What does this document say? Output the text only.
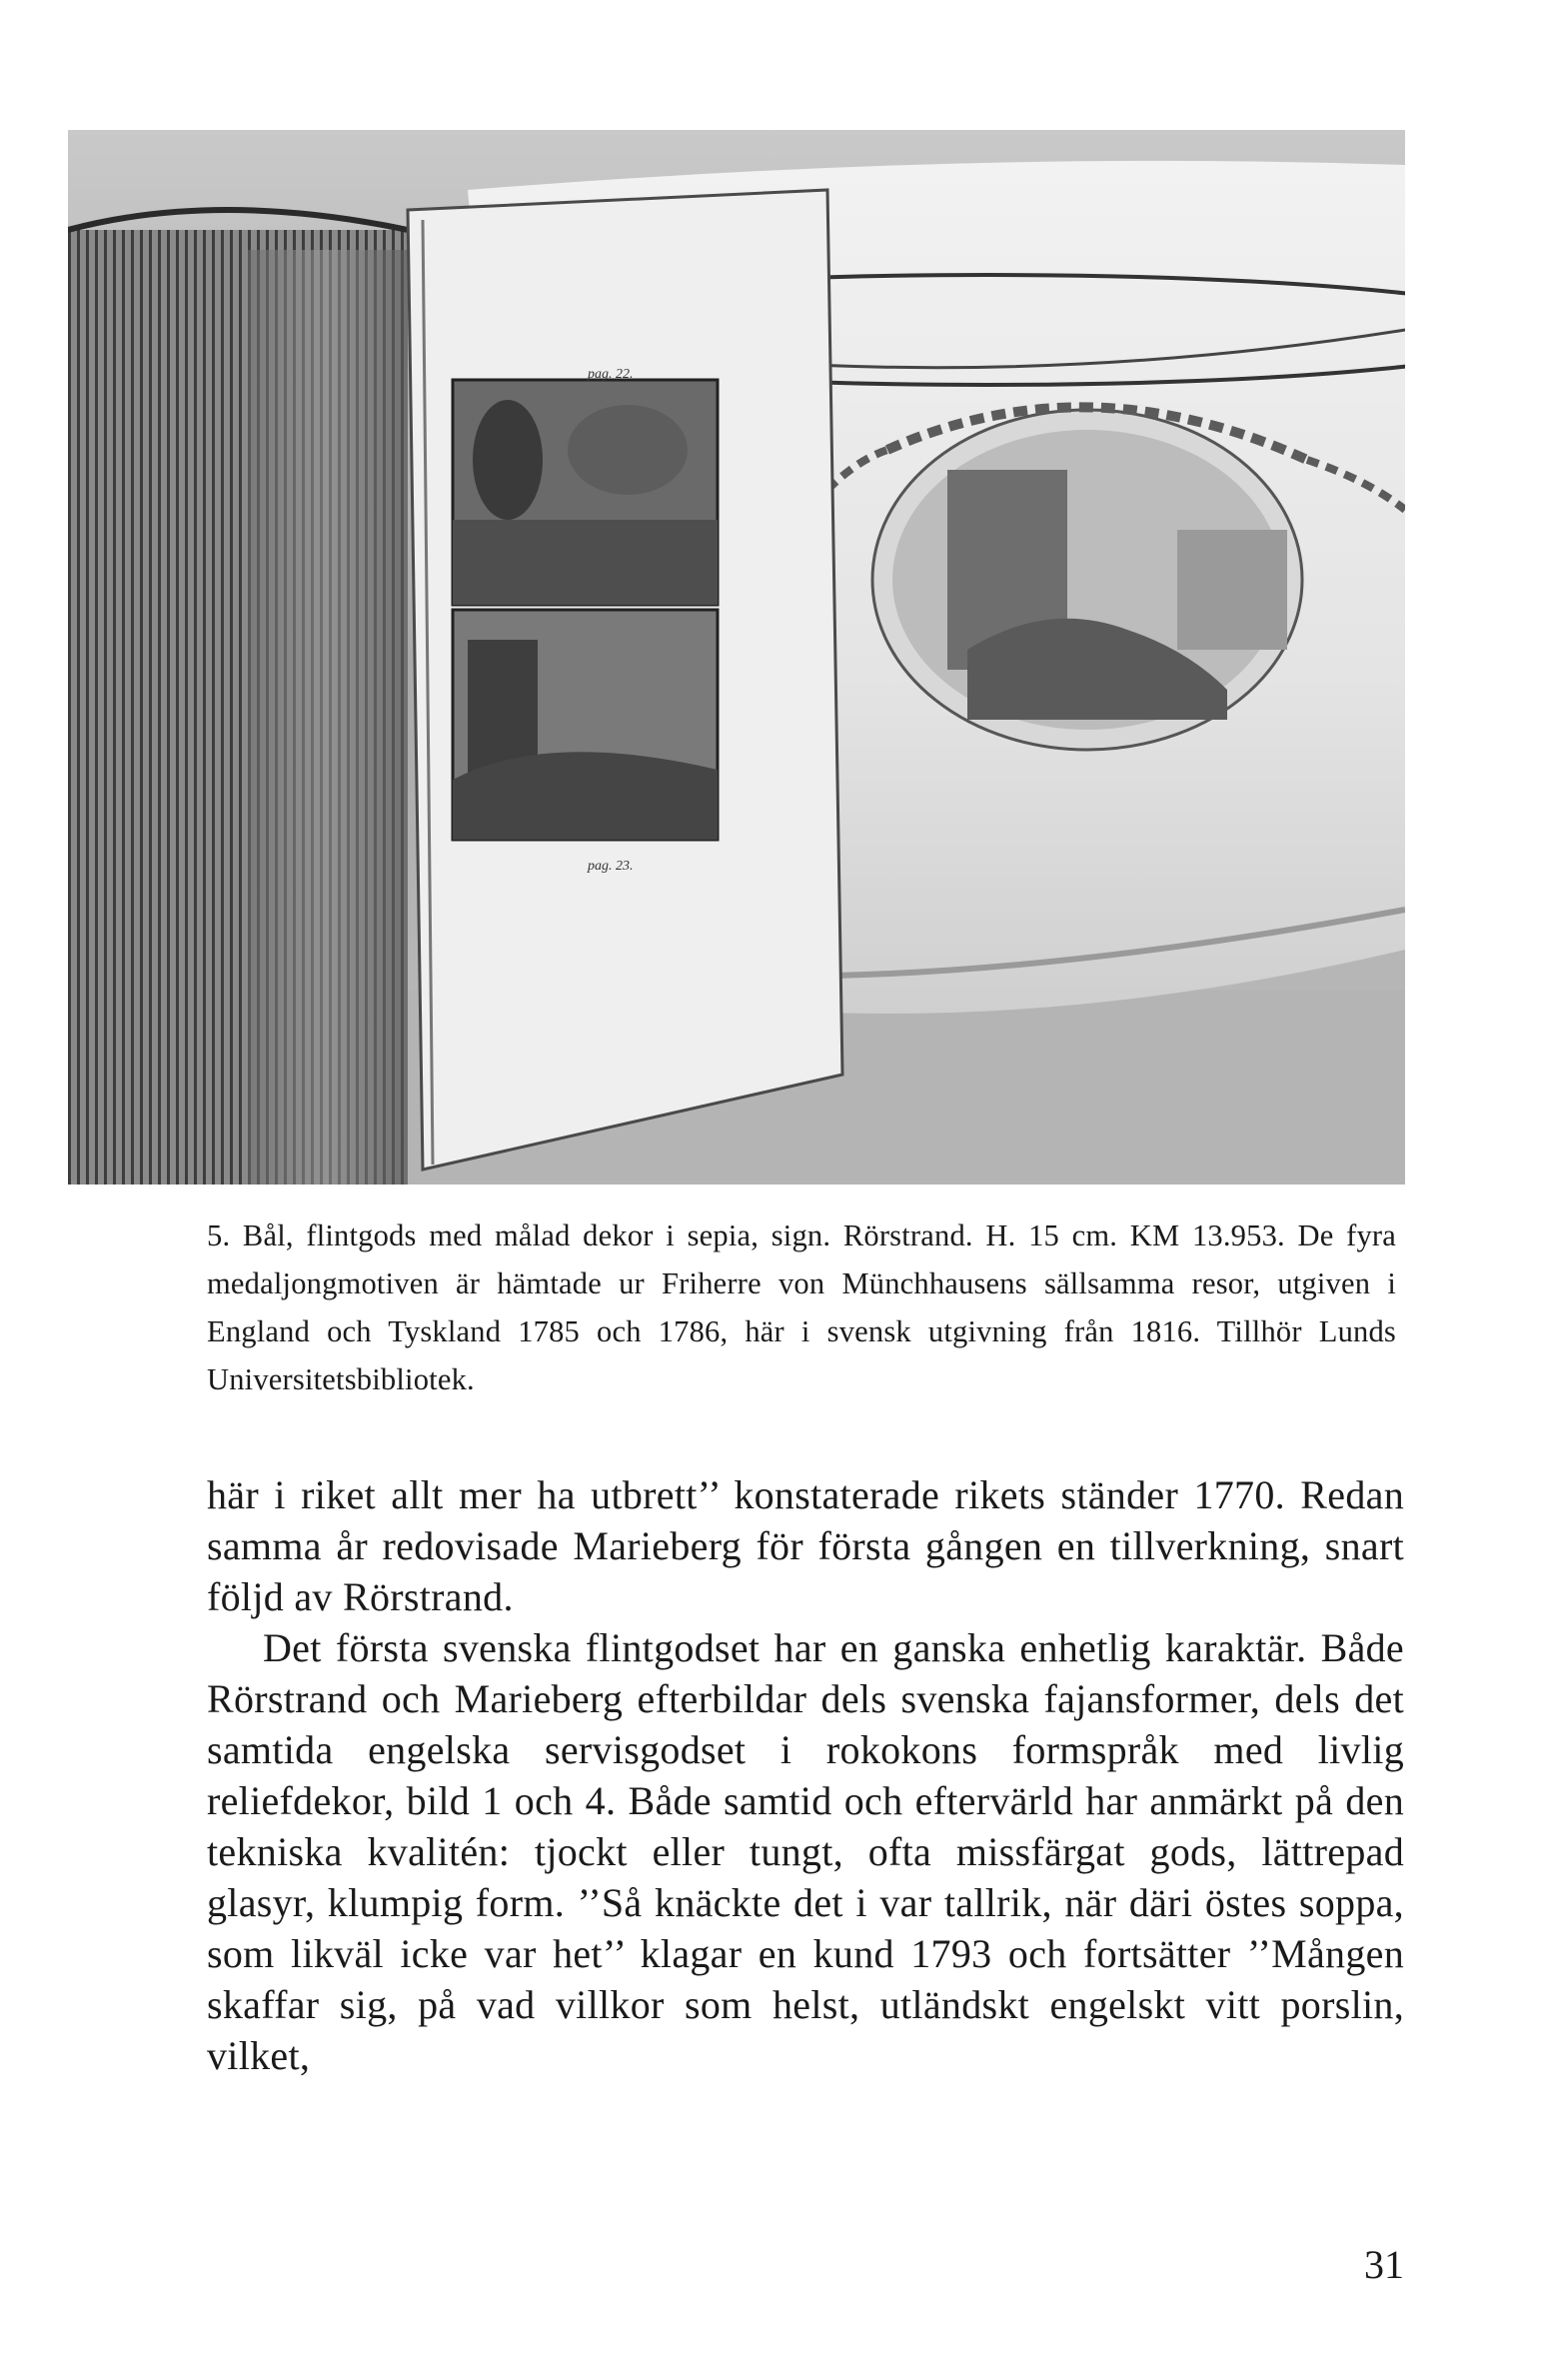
pag. 22.
pag. 23.
5. Bål, flintgods med målad dekor i sepia, sign. Rörstrand. H. 15 cm. KM 13.953. De fyra medaljongmotiven är hämtade ur Friherre von Münchhausens sällsamma resor, utgiven i England och Tyskland 1785 och 1786, här i svensk utgivning från 1816. Tillhör Lunds Universitetsbibliotek.

här i riket allt mer ha utbrett’’ konstaterade rikets ständer 1770. Redan samma år redovisade Marieberg för första gången en tillverkning, snart följd av Rörstrand.

Det första svenska flintgodset har en ganska enhetlig karaktär. Både Rörstrand och Marieberg efterbildar dels svenska fajansformer, dels det samtida engelska servisgodset i rokokons formspråk med livlig reliefdekor, bild 1 och 4. Både samtid och eftervärld har anmärkt på den tekniska kvalitén: tjockt eller tungt, ofta missfärgat gods, lättrepad glasyr, klumpig form. ’’Så knäckte det i var tallrik, när däri östes soppa, som likväl icke var het’’ klagar en kund 1793 och fortsätter ’’Mången skaffar sig, på vad villkor som helst, utländskt engelskt vitt porslin, vilket,

31
